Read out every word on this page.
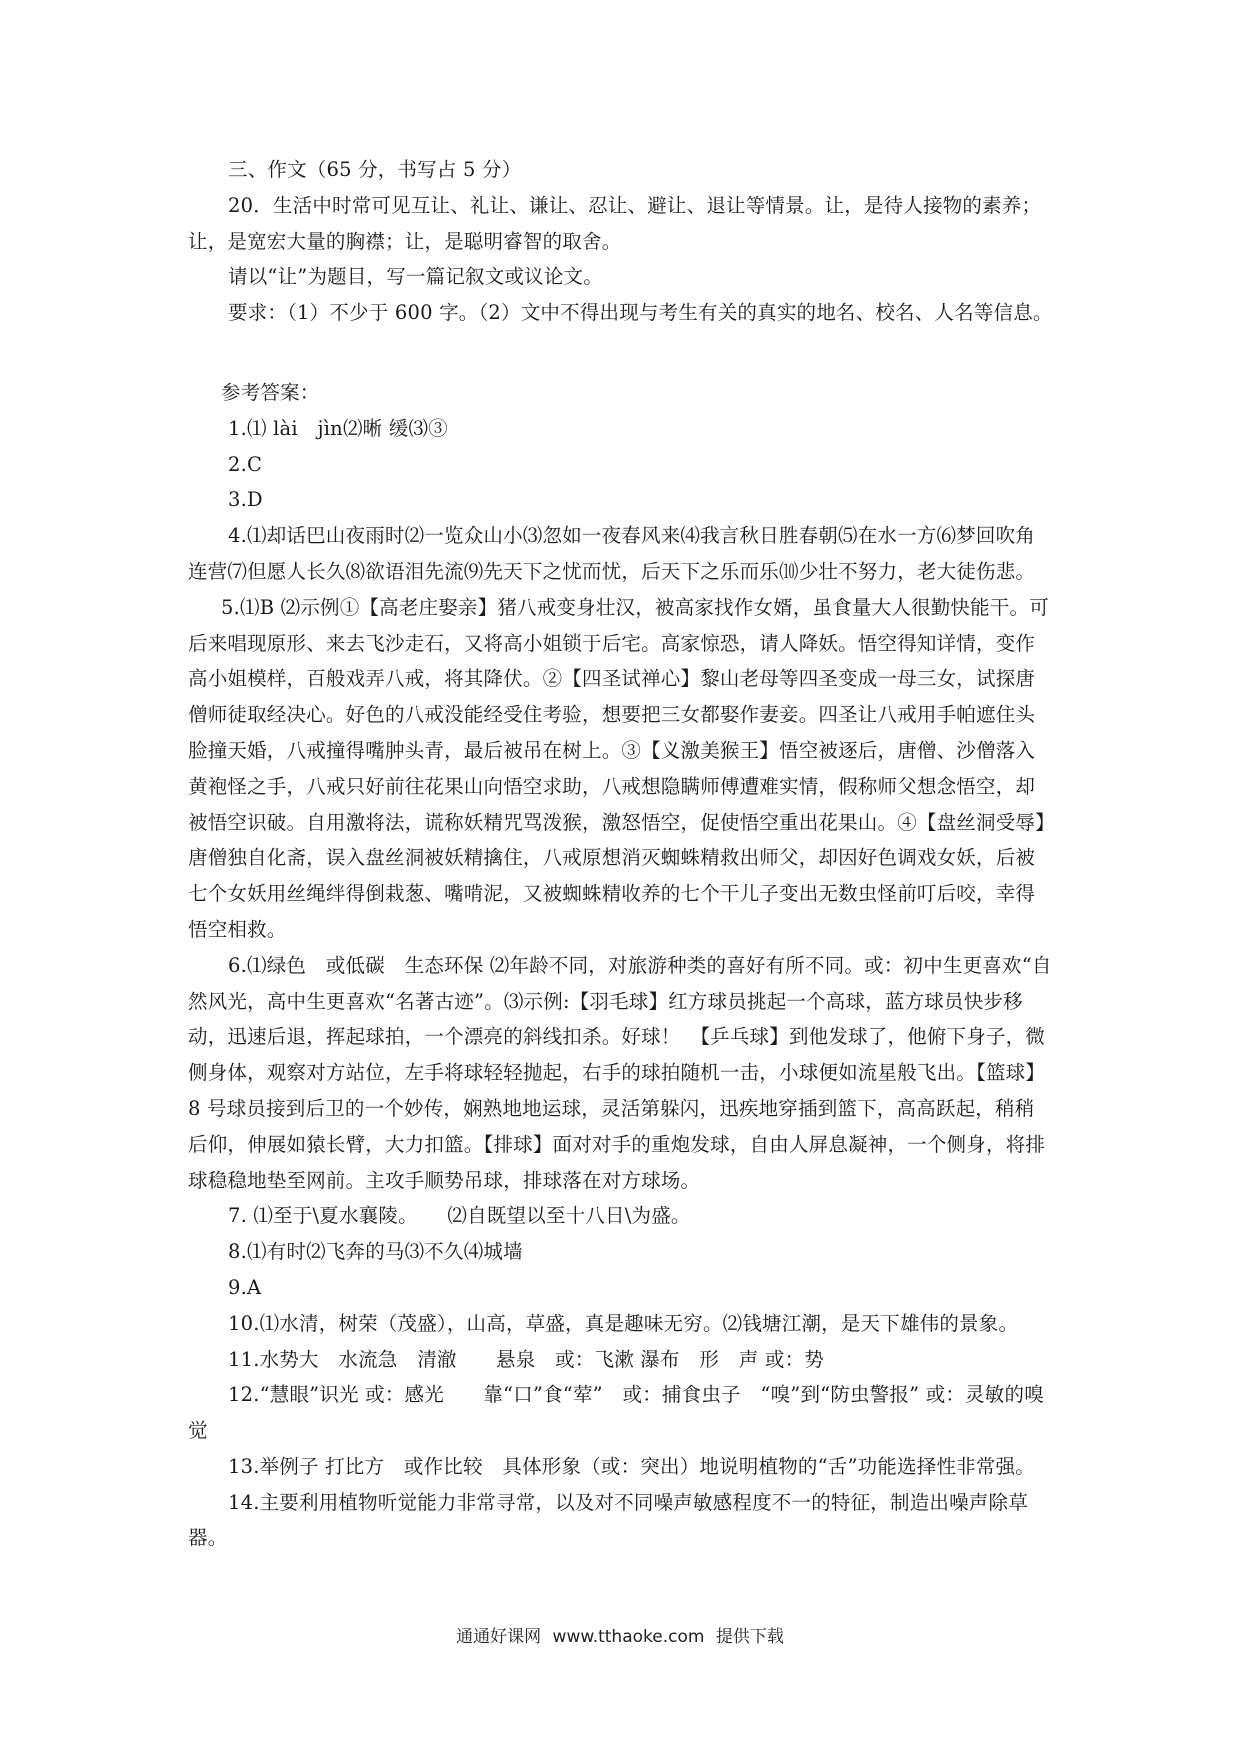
三、作文（65 分，书写占 5 分）

20．生活中时常可见互让、礼让、谦让、忍让、避让、退让等情景。让，是待人接物的素养；让，是宽宏大量的胸襟；让，是聪明睿智的取舍。

请以“让”为题目，写一篇记叙文或议论文。

要求：（1）不少于 600 字。（2）文中不得出现与考生有关的真实的地名、校名、人名等信息。

参考答案：

1.⑴ lài　jìn⑵晰 缓⑶③

2.C

3.D

4.⑴却话巴山夜雨时⑵一览众山小⑶忽如一夜春风来⑷我言秋日胜春朝⑸在水一方⑹梦回吹角连营⑺但愿人长久⑻欲语泪先流⑼先天下之忧而忧，后天下之乐而乐⑽少壮不努力，老大徒伤悲。

5.⑴B ⑵示例①【高老庄娶亲】猪八戒变身壮汉，被高家找作女婿，虽食量大人很勤快能干。可后来唱现原形、来去飞沙走石，又将高小姐锁于后宅。高家惊恐，请人降妖。悟空得知详情，变作高小姐模样，百般戏弄八戒，将其降伏。②【四圣试禅心】黎山老母等四圣变成一母三女，试探唐僧师徒取经决心。好色的八戒没能经受住考验，想要把三女都娶作妻妾。四圣让八戒用手帕遮住头脸撞天婚，八戒撞得嘴肿头青，最后被吊在树上。③【义激美猴王】悟空被逐后，唐僧、沙僧落入黄袍怪之手，八戒只好前往花果山向悟空求助，八戒想隐瞒师傅遭难实情，假称师父想念悟空，却被悟空识破。自用激将法，谎称妖精咒骂泼猴，激怒悟空，促使悟空重出花果山。④【盘丝洞受辱】唐僧独自化斋，误入盘丝洞被妖精擒住，八戒原想消灭蜘蛛精救出师父，却因好色调戏女妖，后被七个女妖用丝绳绊得倒栽葱、嘴啃泥，又被蜘蛛精收养的七个干儿子变出无数虫怪前叮后咬，幸得悟空相救。

6.⑴绿色　或低碳　生态环保 ⑵年龄不同，对旅游种类的喜好有所不同。或：初中生更喜欢“自然风光，高中生更喜欢“名著古迹”。⑶示例:【羽毛球】红方球员挑起一个高球，蓝方球员快步移动，迅速后退，挥起球拍，一个漂亮的斜线扣杀。好球！　【乒乓球】到他发球了，他俯下身子，微侧身体，观察对方站位，左手将球轻轻抛起，右手的球拍随机一击，小球便如流星般飞出。【篮球】8 号球员接到后卫的一个妙传，娴熟地地运球，灵活第躲闪，迅疾地穿插到篮下，高高跃起，稍稍后仰，伸展如猿长臂，大力扣篮。【排球】面对对手的重炮发球，自由人屏息凝神，一个侧身，将排球稳稳地垫至网前。主攻手顺势吊球，排球落在对方球场。

7. ⑴至于\夏水襄陵。　　⑵自既望以至十八日\为盛。

8.⑴有时⑵飞奔的马⑶不久⑷城墙

9.A

10.⑴水清，树荣（茂盛），山高，草盛，真是趣味无穷。⑵钱塘江潮，是天下雄伟的景象。

11.水势大　水流急　清澈　　悬泉　或：飞漱 瀑布　形　声 或：势

12.“慧眼”识光 或：感光　　靠“口”食“荤”　或：捕食虫子　“嗅”到“防虫警报” 或：灵敏的嗅觉

13.举例子 打比方　或作比较　具体形象（或：突出）地说明植物的“舌”功能选择性非常强。

14.主要利用植物听觉能力非常寻常，以及对不同噪声敏感程度不一的特征，制造出噪声除草器。

通通好课网 www.tthaoke.com 提供下载
